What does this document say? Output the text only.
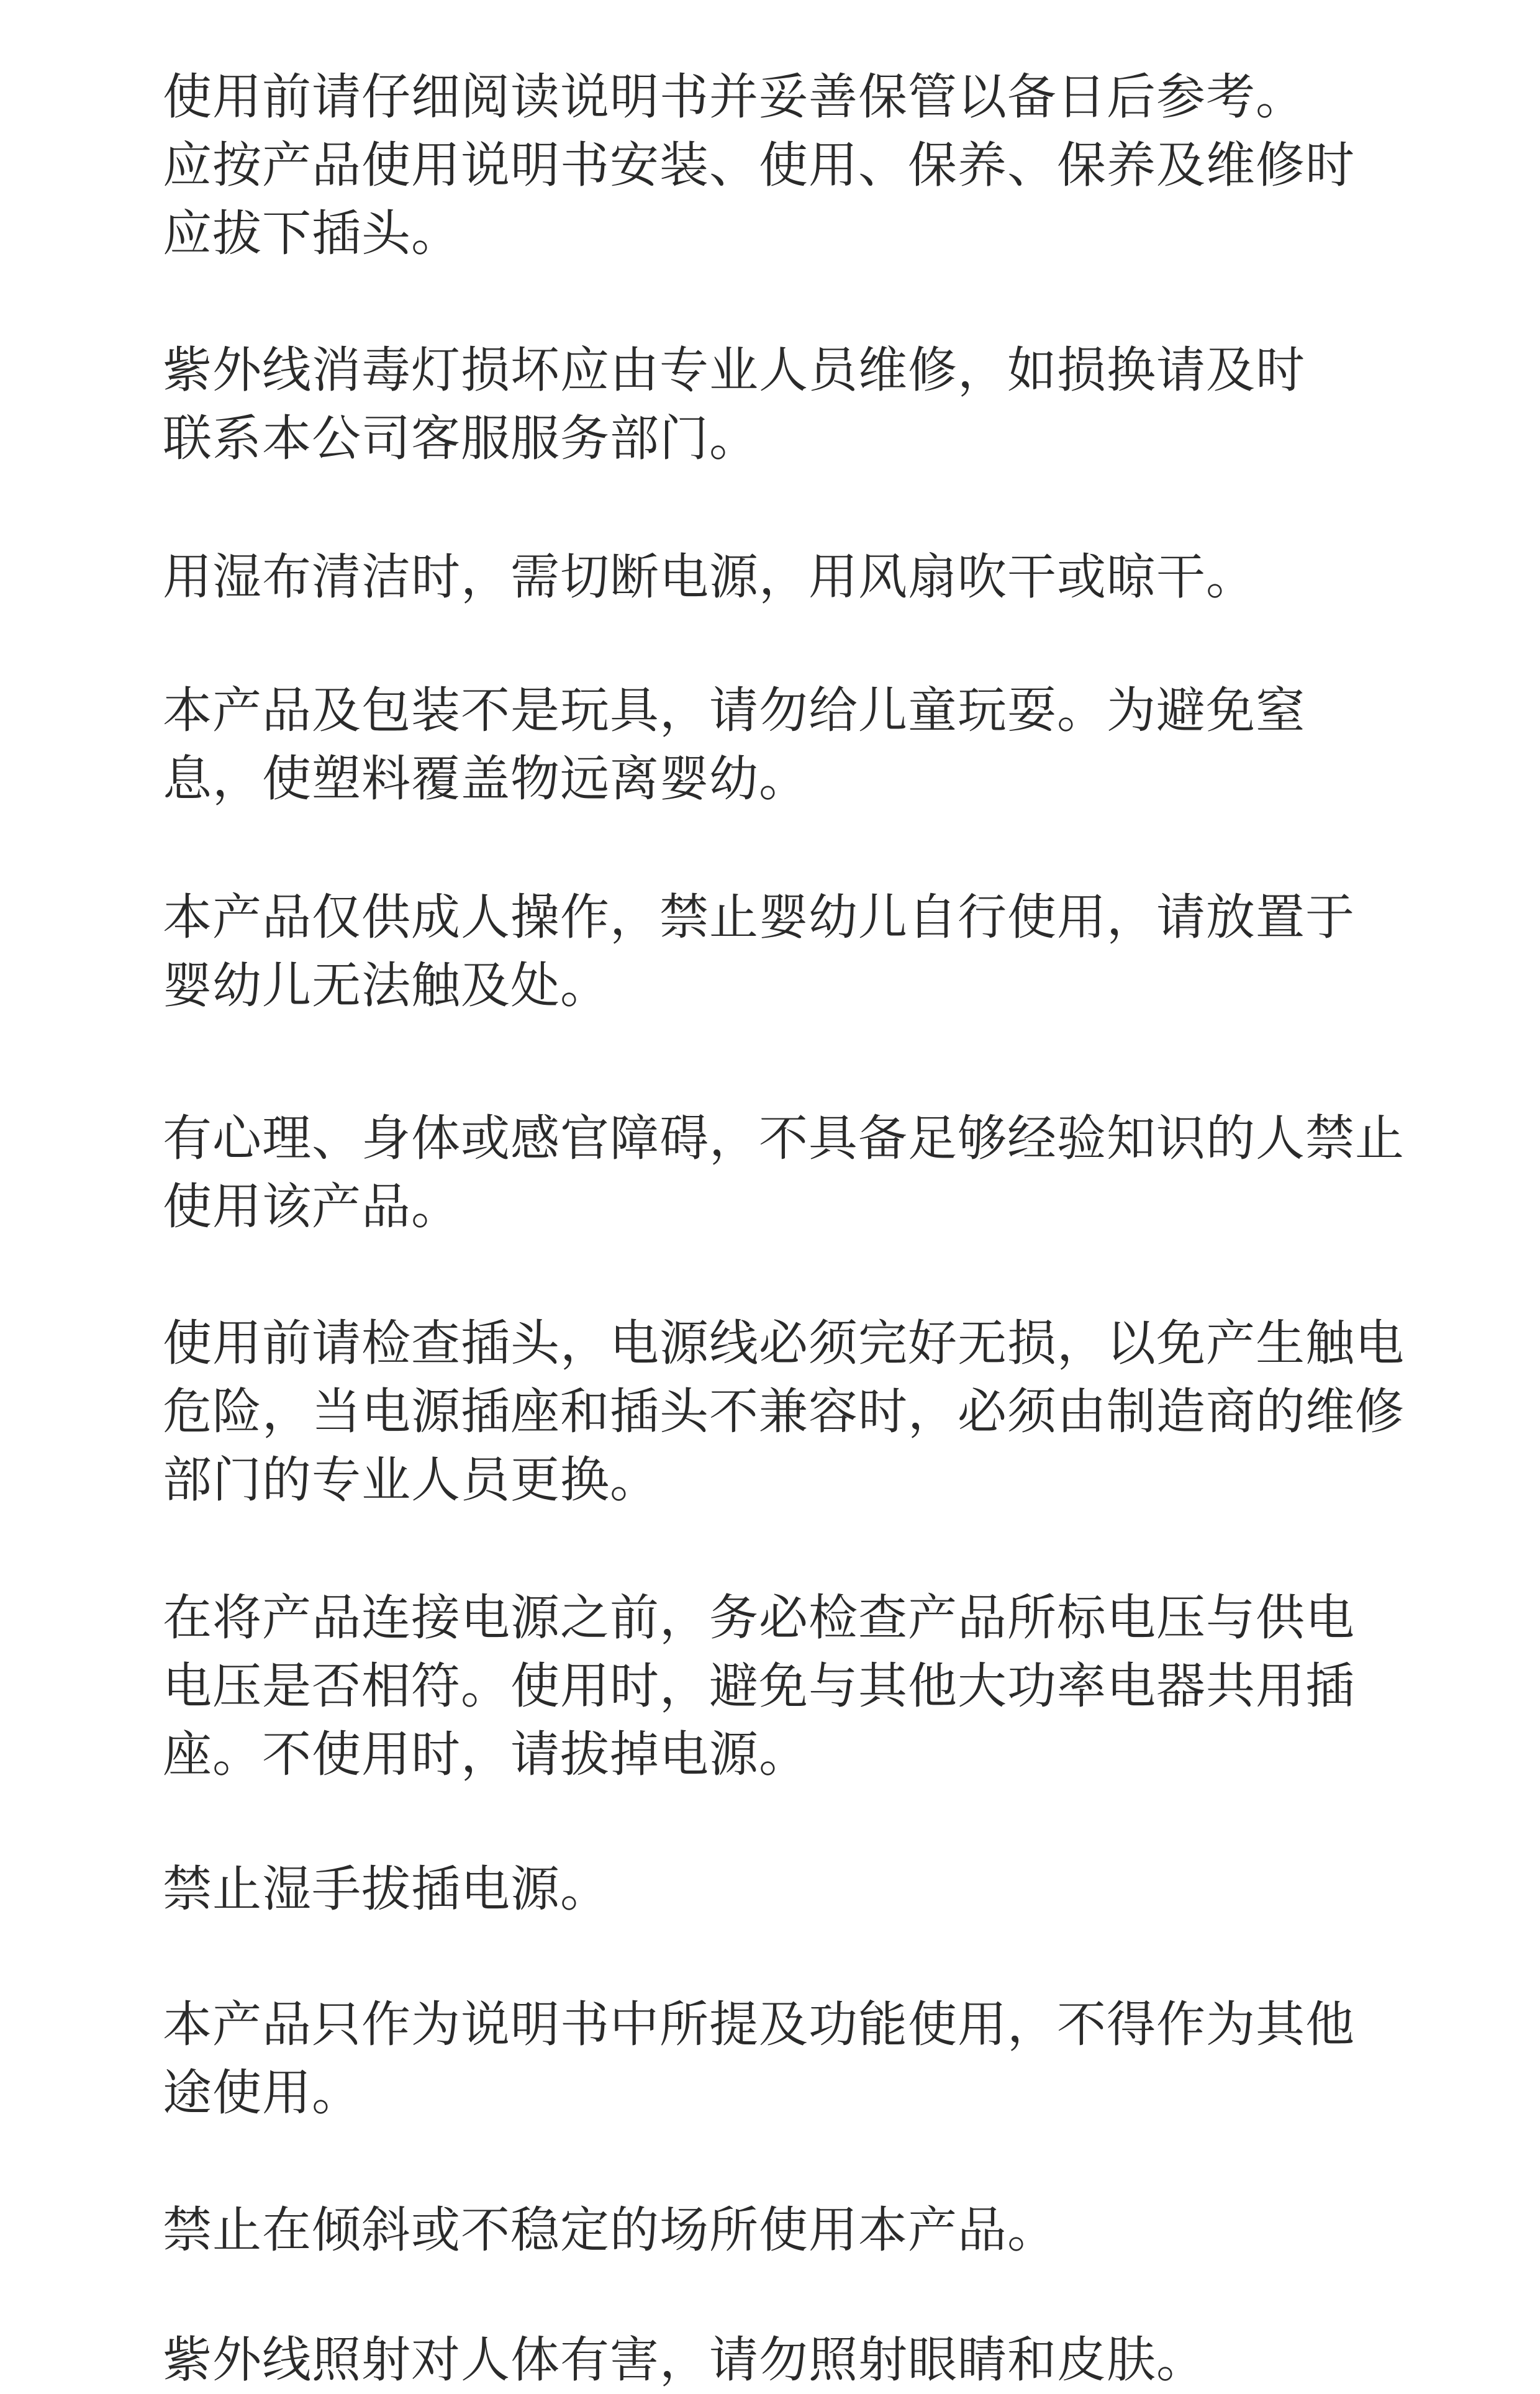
使用前请仔细阅读说明书并妥善保管以备日后参考。
应按产品使用说明书安装、使用、保养、保养及维修时
应拔下插头。

紫外线消毒灯损坏应由专业人员维修，如损换请及时
联系本公司客服服务部门。

用湿布清洁时，需切断电源，用风扇吹干或晾干。

本产品及包装不是玩具，请勿给儿童玩耍。为避免窒
息，使塑料覆盖物远离婴幼。

本产品仅供成人操作，禁止婴幼儿自行使用，请放置于
婴幼儿无法触及处。

有心理、身体或感官障碍，不具备足够经验知识的人禁止
使用该产品。

使用前请检查插头，电源线必须完好无损，以免产生触电
危险，当电源插座和插头不兼容时，必须由制造商的维修
部门的专业人员更换。

在将产品连接电源之前，务必检查产品所标电压与供电
电压是否相符。使用时，避免与其他大功率电器共用插
座。不使用时，请拔掉电源。

禁止湿手拔插电源。

本产品只作为说明书中所提及功能使用，不得作为其他
途使用。

禁止在倾斜或不稳定的场所使用本产品。

紫外线照射对人体有害，请勿照射眼睛和皮肤。
